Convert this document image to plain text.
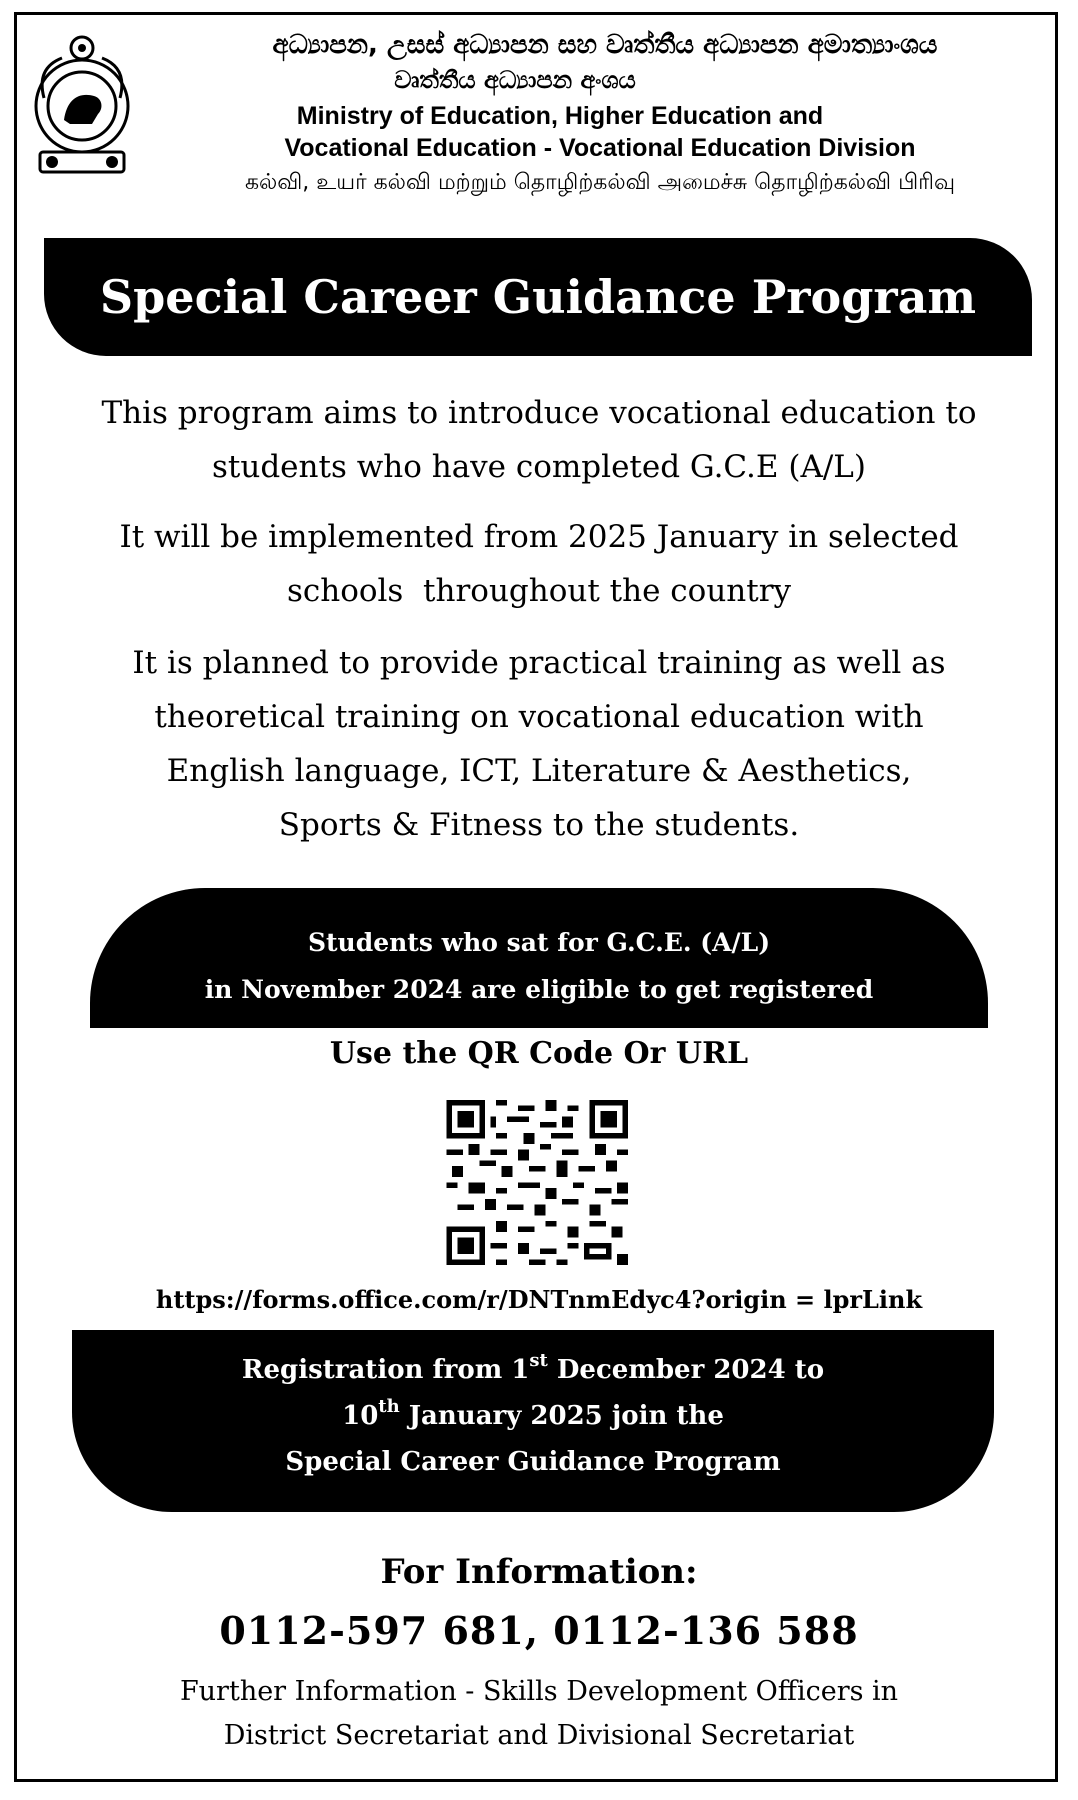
අධ්‍යාපන, උසස් අධ්‍යාපන සහ වෘත්තීය අධ්‍යාපන අමාත්‍යාංශය
වෘත්තීය අධ්‍යාපන අංශය
Ministry of Education, Higher Education and
Vocational Education - Vocational Education Division
கல்வி, உயர் கல்வி மற்றும் தொழிற்கல்வி அமைச்சு தொழிற்கல்வி பிரிவு
Special Career Guidance Program
This program aims to introduce vocational education to
students who have completed G.C.E (A/L)
It will be implemented from 2025 January in selected
schools  throughout the country
It is planned to provide practical training as well as
theoretical training on vocational education with
English language, ICT, Literature & Aesthetics,
Sports & Fitness to the students.
Students who sat for G.C.E. (A/L)
in November 2024 are eligible to get registered
Use the QR Code Or URL
https://forms.office.com/r/DNTnmEdyc4?origin = lprLink
Registration from 1st December 2024 to
10th January 2025 join the
Special Career Guidance Program
For Information:
0112-597 681, 0112-136 588
Further Information - Skills Development Officers in
District Secretariat and Divisional Secretariat
